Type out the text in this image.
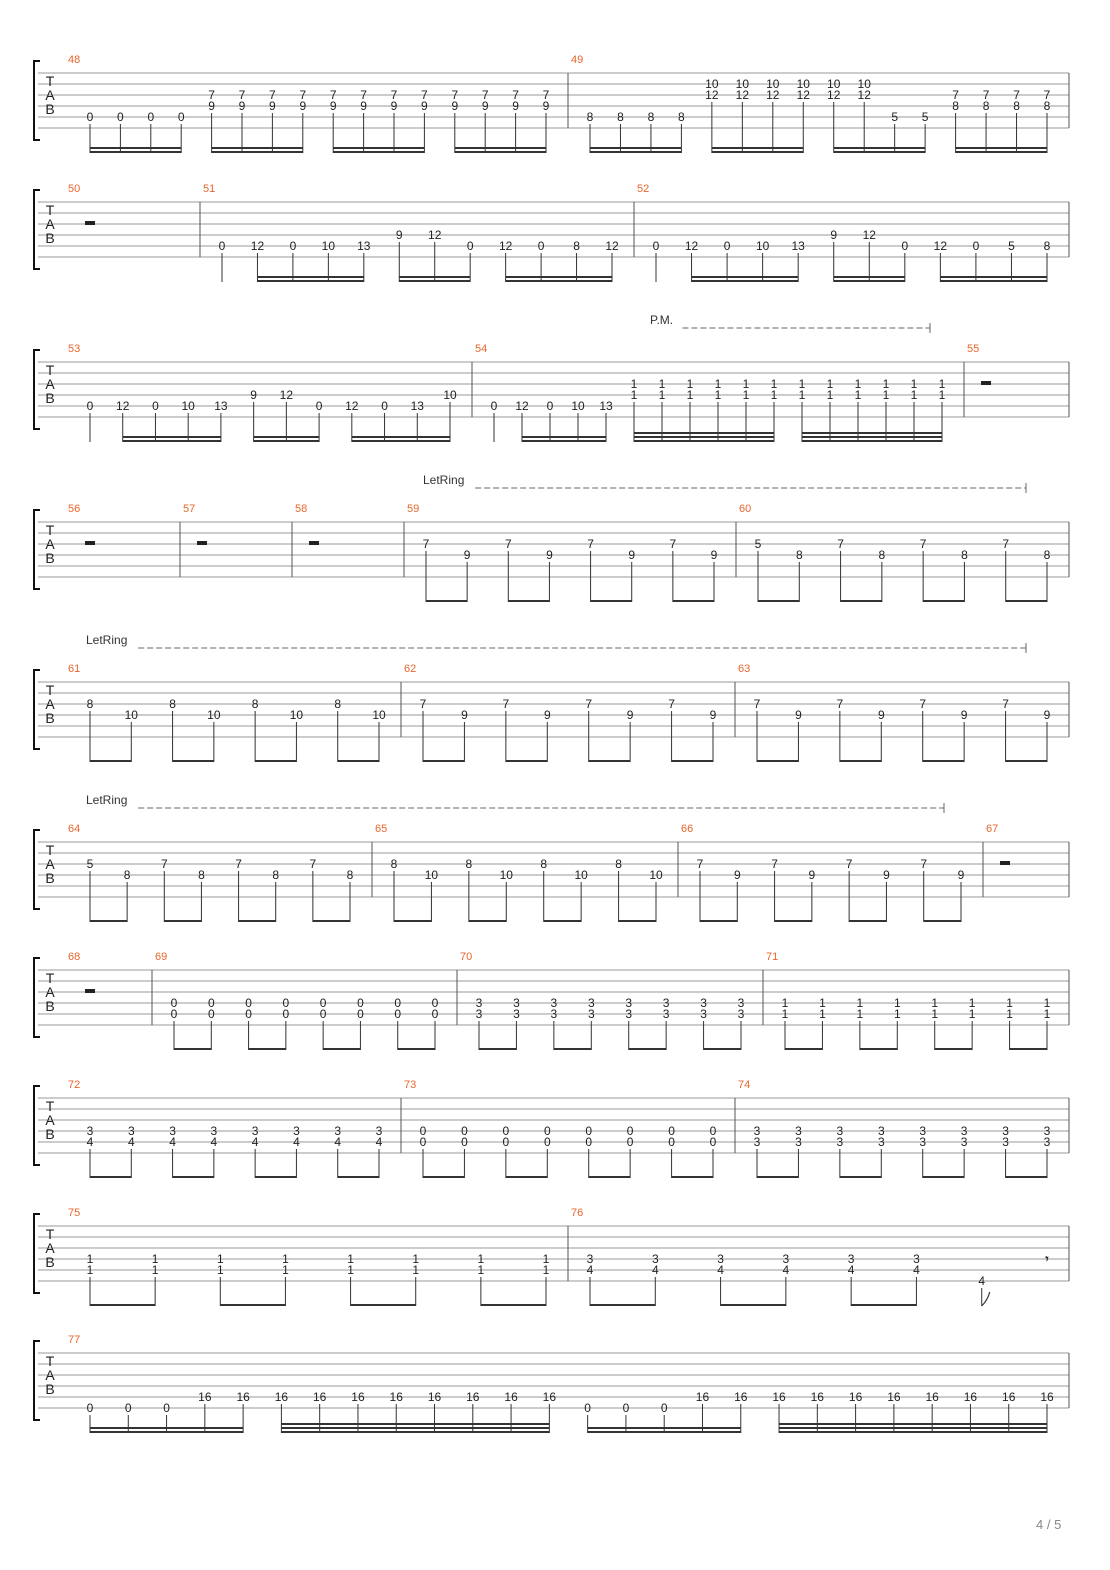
T
A
B
48
0 0 0 0
7
9
7
9
7
9
7
9
7
9
7
9
7
9
7
9
7
9
7
9
7
9
7
9
49
8 8 8 8
10
12
10
12
10
12
10
12
10
12
10
12
5 5
7
8
7
8
7
8
7
8
T
A
B
50	51
0 12 0 10 13
9 12
0 12 0 8 12
52
0 12 0 10 13
9 12
0 12 0 5 8
T
A
B
P.M.
53
0 12 0 10 13
9 12
0 12 0 13
10
54
0 12 0 10 13
1
1
1
1
1
1
1
1
1
1
1
1
1
1
1
1
1
1
1
1
1
1
1
1
55
T
A
B
LetRing
56	57	58	59
7
9
7
9
7
9
7
9
60
5
8
7
8
7
8
7
8
T
A
B
LetRing
61
8
10
8
10
8
10
8
10
62
7
9
7
9
7
9
7
9
63
7
9
7
9
7
9
7
9
T
A
B
LetRing
64
5
8
7
8
7
8
7
8
65
8
10
8
10
8
10
8
10
66
7
9
7
9
7
9
7
9
67
T
A
B
68	69
0
0
0
0
0
0
0
0
0
0
0
0
0
0
0
0
70
3
3
3
3
3
3
3
3
3
3
3
3
3
3
3
3
71
1
1
1
1
1
1
1
1
1
1
1
1
1
1
1
1
T
A
B
72
3
4
3
4
3
4
3
4
3
4
3
4
3
4
3
4
73
0
0
0
0
0
0
0
0
0
0
0
0
0
0
0
0
74
3
3
3
3
3
3
3
3
3
3
3
3
3
3
3
3
T
A
B
75
1
1
1
1
1
1
1
1
1
1
1
1
1
1
1
1
76
3
4
3
4
3
4
3
4
3
4
3
4
4
𝄾
T
A
B
77
0	0	0
16 16 16 16 16 16 16 16 16 16
0	0	0
16 16 16 16 16 16 16 16 16 16
4 / 5
